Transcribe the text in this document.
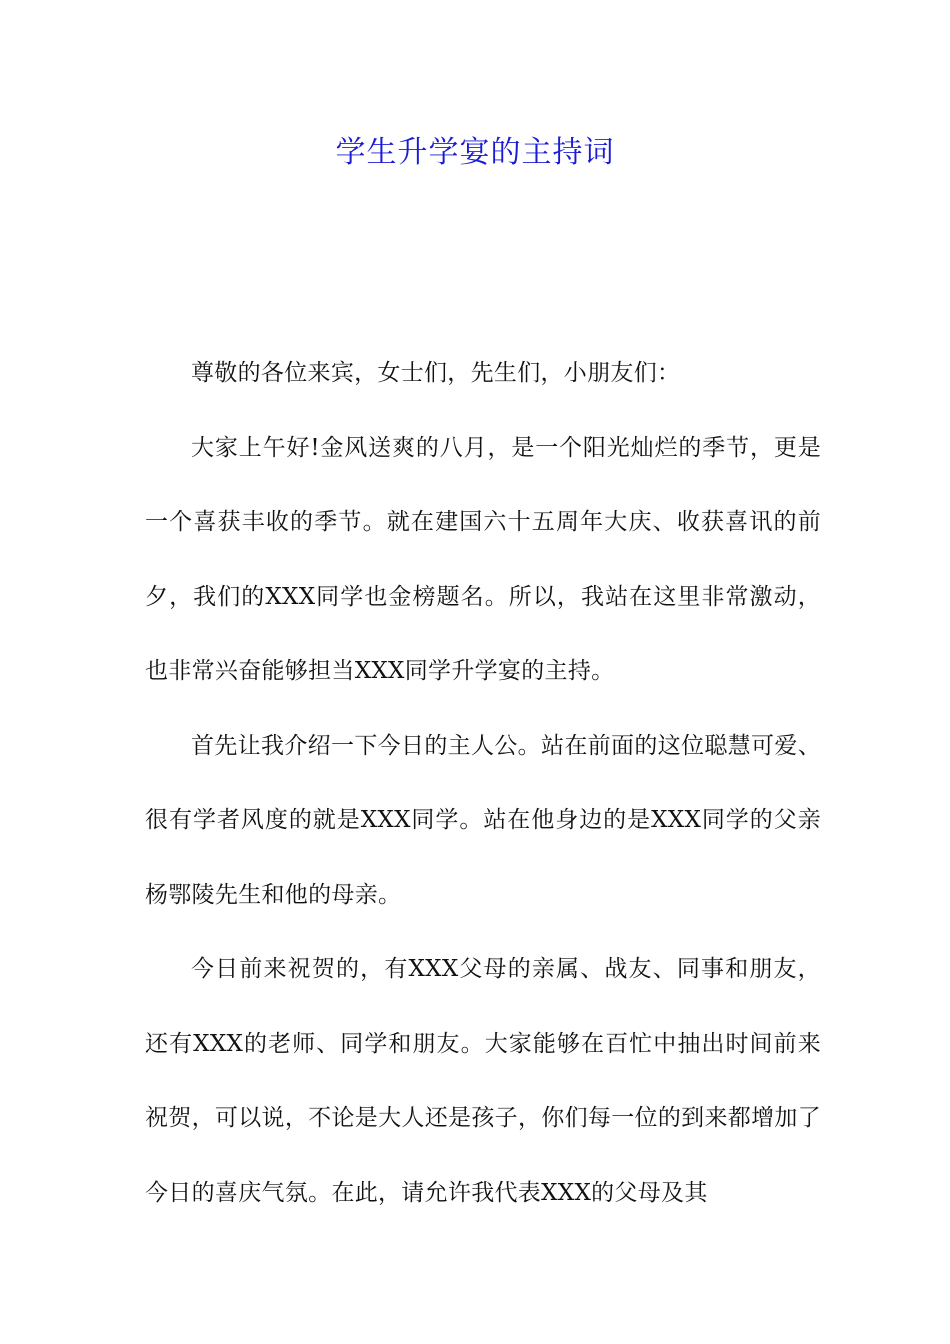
学生升学宴的主持词

尊敬的各位来宾，女士们，先生们，小朋友们：

大家上午好!金风送爽的八月，是一个阳光灿烂的季节，更是一个喜获丰收的季节。就在建国六十五周年大庆、收获喜讯的前夕，我们的XXX同学也金榜题名。所以，我站在这里非常激动，也非常兴奋能够担当XXX同学升学宴的主持。

首先让我介绍一下今日的主人公。站在前面的这位聪慧可爱、很有学者风度的就是XXX同学。站在他身边的是XXX同学的父亲杨鄂陵先生和他的母亲。

今日前来祝贺的，有XXX父母的亲属、战友、同事和朋友，还有XXX的老师、同学和朋友。大家能够在百忙中抽出时间前来祝贺，可以说，不论是大人还是孩子，你们每一位的到来都增加了今日的喜庆气氛。在此，请允许我代表XXX的父母及其
